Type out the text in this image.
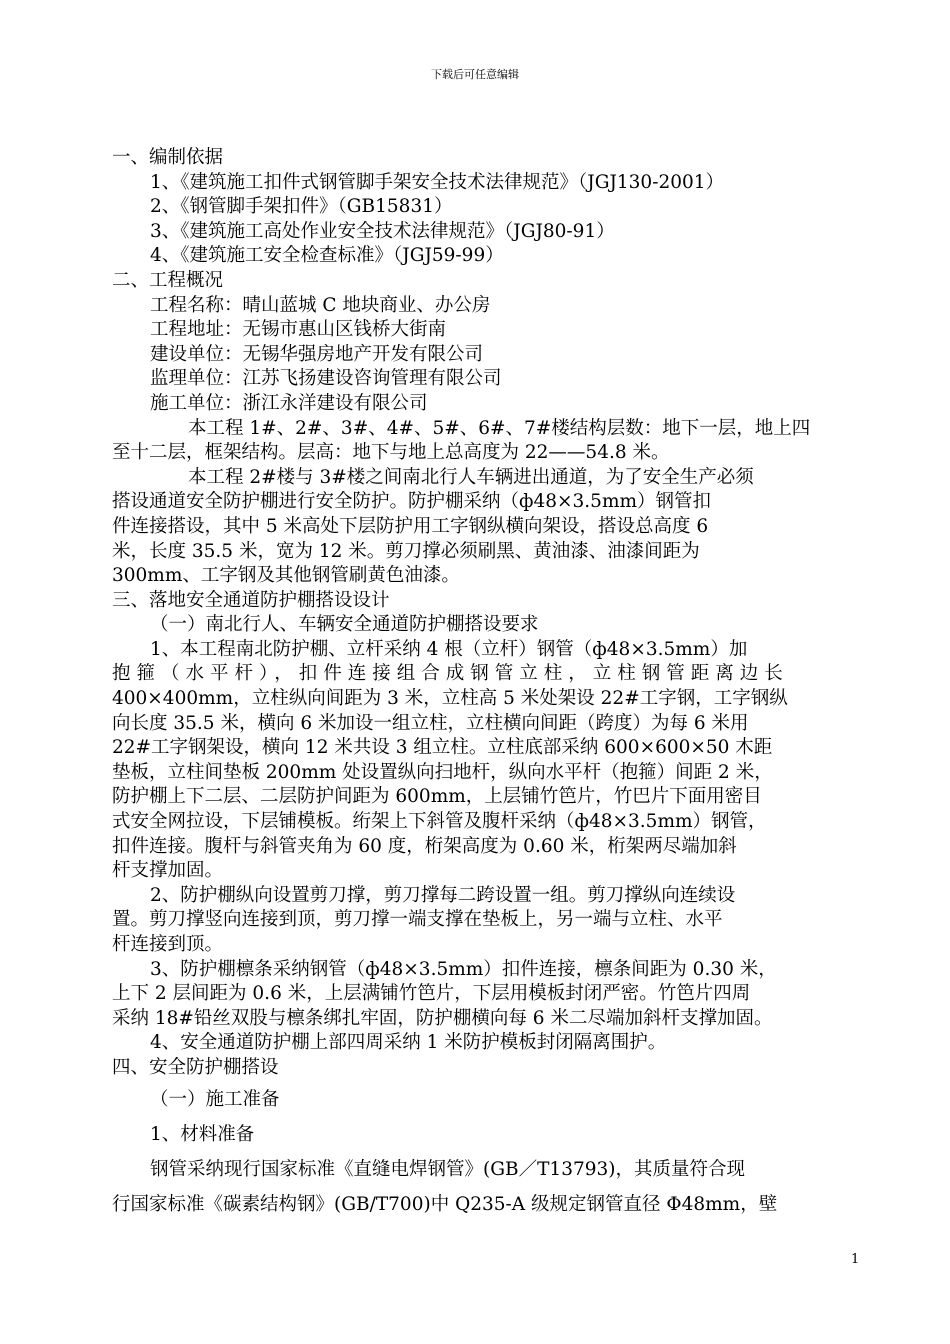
下载后可任意编辑
一、编制依据
1、《建筑施工扣件式钢管脚手架安全技术法律规范》（JGJ130-2001）
2、《钢管脚手架扣件》（GB15831）
3、《建筑施工高处作业安全技术法律规范》（JGJ80-91）
4、《建筑施工安全检查标准》（JGJ59-99）
二、工程概况
工程名称：晴山蓝城 C 地块商业、办公房
工程地址：无锡市惠山区钱桥大街南
建设单位：无锡华强房地产开发有限公司
监理单位：江苏飞扬建设咨询管理有限公司
施工单位：浙江永洋建设有限公司
本工程 1#、2#、3#、4#、5#、6#、7#楼结构层数：地下一层，地上四
至十二层，框架结构。层高：地下与地上总高度为 22——54.8 米。
本工程 2#楼与 3#楼之间南北行人车辆进出通道，为了安全生产必须
搭设通道安全防护棚进行安全防护。防护棚采纳（ф48×3.5mm）钢管扣
件连接搭设，其中 5 米高处下层防护用工字钢纵横向架设，搭设总高度 6
米，长度 35.5 米，宽为 12 米。剪刀撑必须刷黑、黄油漆、油漆间距为
300mm、工字钢及其他钢管刷黄色油漆。
三、落地安全通道防护棚搭设设计
（一）南北行人、车辆安全通道防护棚搭设要求
1、本工程南北防护棚、立杆采纳 4 根（立杆）钢管（ф48×3.5mm）加
抱箍（水平杆），扣件连接组合成钢管立柱，立柱钢管距离边长
400×400mm，立柱纵向间距为 3 米，立柱高 5 米处架设 22#工字钢，工字钢纵
向长度 35.5 米，横向 6 米加设一组立柱，立柱横向间距（跨度）为每 6 米用
22#工字钢架设，横向 12 米共设 3 组立柱。立柱底部采纳 600×600×50 木距
垫板，立柱间垫板 200mm 处设置纵向扫地杆，纵向水平杆（抱箍）间距 2 米，
防护棚上下二层、二层防护间距为 600mm，上层铺竹笆片，竹巴片下面用密目
式安全网拉设，下层铺模板。绗架上下斜管及腹杆采纳（ф48×3.5mm）钢管，
扣件连接。腹杆与斜管夹角为 60 度，桁架高度为 0.60 米，桁架两尽端加斜
杆支撑加固。
2、防护棚纵向设置剪刀撑，剪刀撑每二跨设置一组。剪刀撑纵向连续设
置。剪刀撑竖向连接到顶，剪刀撑一端支撑在垫板上，另一端与立柱、水平
杆连接到顶。
3、防护棚檩条采纳钢管（ф48×3.5mm）扣件连接，檩条间距为 0.30 米，
上下 2 层间距为 0.6 米，上层满铺竹笆片，下层用模板封闭严密。竹笆片四周
采纳 18#铅丝双股与檩条绑扎牢固，防护棚横向每 6 米二尽端加斜杆支撑加固。
4、安全通道防护棚上部四周采纳 1 米防护模板封闭隔离围护。
四、安全防护棚搭设
（一）施工准备
1、材料准备
钢管采纳现行国家标准《直缝电焊钢管》(GB／T13793)，其质量符合现
行国家标准《碳素结构钢》(GB/T700)中 Q235-A 级规定钢管直径 Φ48mm，壁
1
